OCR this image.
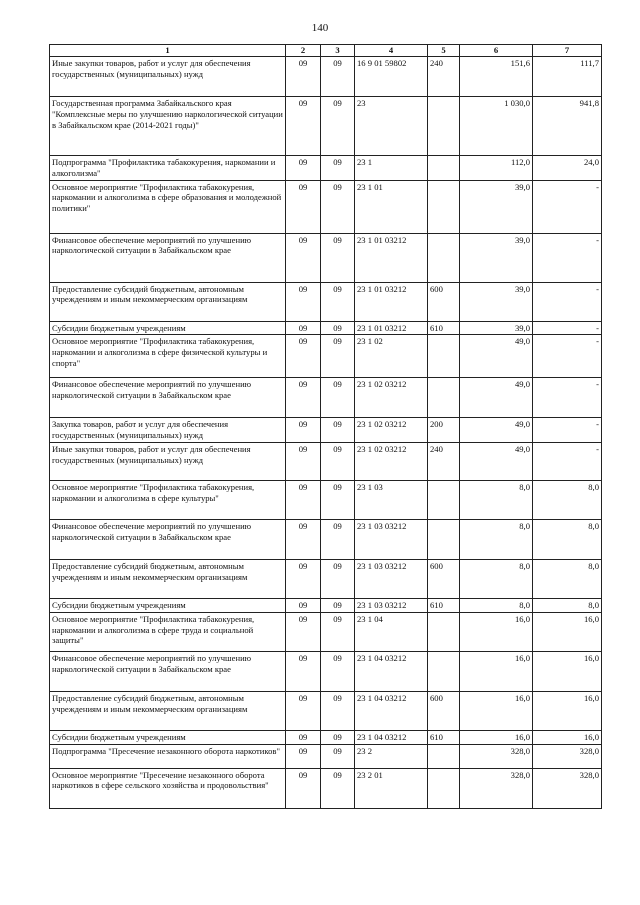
140
1	2	3	4	5	6	7
Иные закупки товаров, работ и услуг для обеспечения государственных (муниципальных) нужд	09	09	16 9 01 59802	240	151,6	111,7
Государственная программа Забайкальского края "Комплексные меры по улучшению наркологической ситуации в Забайкальском крае (2014-2021 годы)"	09	09	23		1 030,0	941,8
Подпрограмма "Профилактика табакокурения, наркомании и алкоголизма"	09	09	23 1		112,0	24,0
Основное мероприятие "Профилактика табакокурения, наркомании и алкоголизма в сфере образования и молодежной политики"	09	09	23 1 01		39,0	-
Финансовое обеспечение мероприятий по улучшению наркологической ситуации в Забайкальском крае	09	09	23 1 01 03212		39,0	-
Предоставление субсидий бюджетным, автономным учреждениям и иным некоммерческим организациям	09	09	23 1 01 03212	600	39,0	-
Субсидии бюджетным учреждениям	09	09	23 1 01 03212	610	39,0	-
Основное мероприятие "Профилактика табакокурения, наркомании и алкоголизма в сфере физической культуры и спорта"	09	09	23 1 02		49,0	-
Финансовое обеспечение мероприятий по улучшению наркологической ситуации в Забайкальском крае	09	09	23 1 02 03212		49,0	-
Закупка товаров, работ и услуг для обеспечения государственных (муниципальных) нужд	09	09	23 1 02 03212	200	49,0	-
Иные закупки товаров, работ и услуг для обеспечения государственных (муниципальных) нужд	09	09	23 1 02 03212	240	49,0	-
Основное мероприятие "Профилактика табакокурения, наркомании и алкоголизма в сфере культуры"	09	09	23 1 03		8,0	8,0
Финансовое обеспечение мероприятий по улучшению наркологической ситуации в Забайкальском крае	09	09	23 1 03 03212		8,0	8,0
Предоставление субсидий бюджетным, автономным учреждениям и иным некоммерческим организациям	09	09	23 1 03 03212	600	8,0	8,0
Субсидии бюджетным учреждениям	09	09	23 1 03 03212	610	8,0	8,0
Основное мероприятие "Профилактика табакокурения, наркомании и алкоголизма в сфере труда и социальной защиты"	09	09	23 1 04		16,0	16,0
Финансовое обеспечение мероприятий по улучшению наркологической ситуации в Забайкальском крае	09	09	23 1 04 03212		16,0	16,0
Предоставление субсидий бюджетным, автономным учреждениям и иным некоммерческим организациям	09	09	23 1 04 03212	600	16,0	16,0
Субсидии бюджетным учреждениям	09	09	23 1 04 03212	610	16,0	16,0
Подпрограмма "Пресечение незаконного оборота наркотиков"	09	09	23 2		328,0	328,0
Основное мероприятие "Пресечение незаконного оборота наркотиков в сфере сельского хозяйства и продовольствия"	09	09	23 2 01		328,0	328,0
